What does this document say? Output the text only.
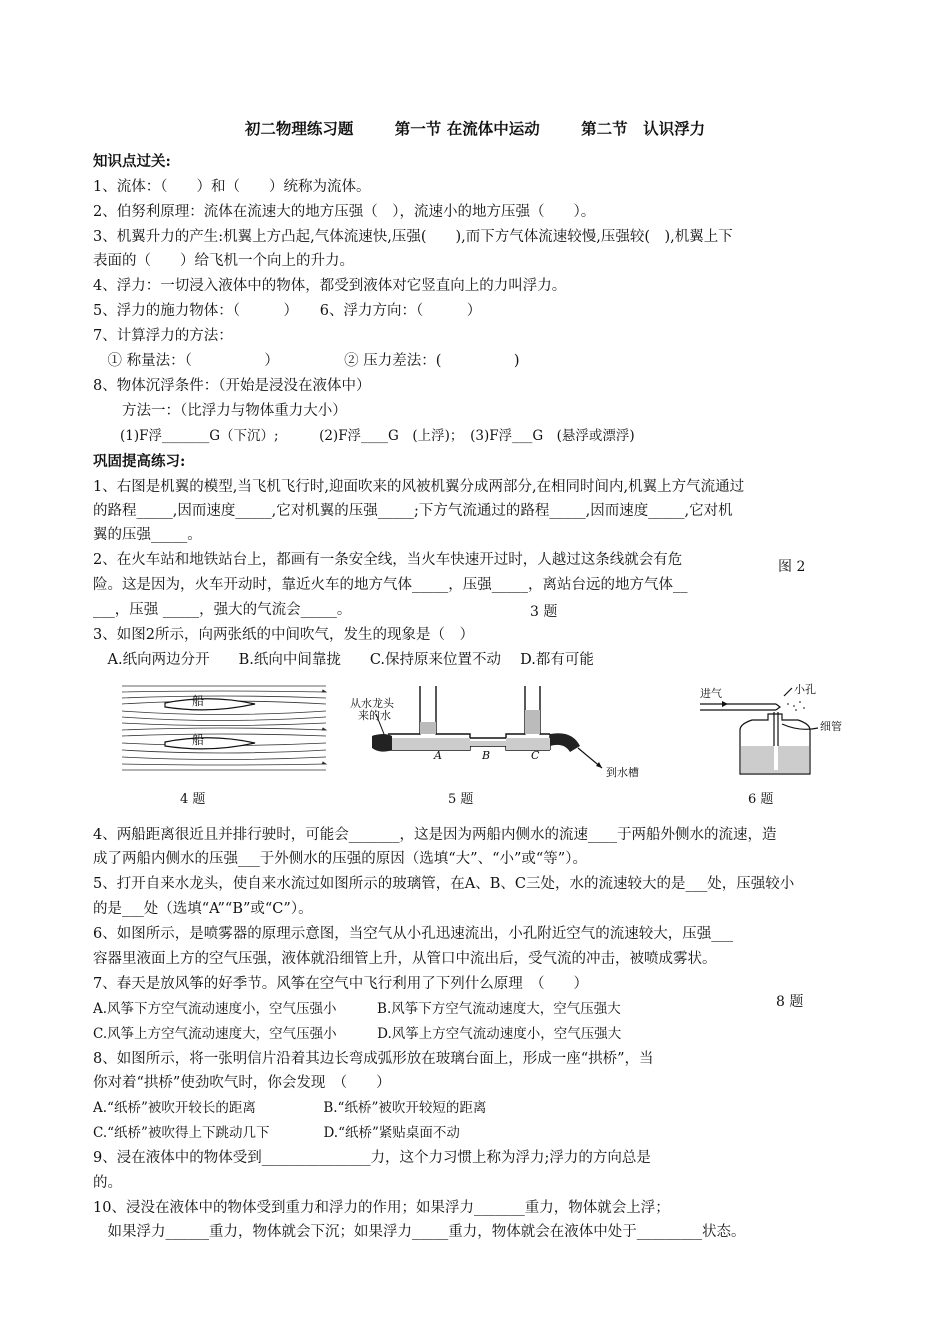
初二物理练习题	第一节 在流体中运动	第二节　认识浮力
知识点过关:
1、流体：（　　）和（　　）统称为流体。
2、伯努利原理：流体在流速大的地方压强（　），流速小的地方压强（　　）。
3、机翼升力的产生:机翼上方凸起,气体流速快,压强(　　),而下方气体流速较慢,压强较(　),机翼上下
表面的（　　）给飞机一个向上的升力。
4、浮力：一切浸入液体中的物体，都受到液体对它竖直向上的力叫浮力。
5、浮力的施力物体：（　　　）　　6、浮力方向：（　　　）
7、计算浮力的方法：
　① 称量法：（　　　　　）　　　　　② 压力差法：(　　　　　)
8、物体沉浮条件：（开始是浸没在液体中）
　　方法一：（比浮力与物体重力大小）
　　(1)F浮_______G（下沉）;　　　(2)F浮____G　(上浮)；　(3)F浮___G　(悬浮或漂浮)
巩固提高练习:
1、右图是机翼的模型,当飞机飞行时,迎面吹来的风被机翼分成两部分,在相同时间内,机翼上方气流通过
的路程_____,因而速度_____,它对机翼的压强_____;下方气流通过的路程_____,因而速度_____,它对机
翼的压强_____。
2、在火车站和地铁站台上，都画有一条安全线，当火车快速开过时，人越过这条线就会有危
险。这是因为，火车开动时，靠近火车的地方气体_____，压强_____，离站台远的地方气体__
___，压强 _____，强大的气流会_____。
3、如图2所示，向两张纸的中间吹气，发生的现象是（　）
　A.纸向两边分开　　B.纸向中间靠拢　　C.保持原来位置不动　 D.都有可能
图 2
3 题
船
船
4 题
从水龙头
来的水
A	B	C
到水槽
5 题
进气	小孔
细管
6 题
4、两船距离很近且并排行驶时，可能会_______，这是因为两船内侧水的流速____于两船外侧水的流速，造
成了两船内侧水的压强___于外侧水的压强的原因（选填“大”、“小”或“等”）。
5、打开自来水龙头，使自来水流过如图所示的玻璃管，在A、B、C三处，水的流速较大的是___处，压强较小
的是___处（选填“A”“B”或“C”）。
6、如图所示，是喷雾器的原理示意图，当空气从小孔迅速流出，小孔附近空气的流速较大，压强___
容器里液面上方的空气压强，液体就沿细管上升，从管口中流出后，受气流的冲击，被喷成雾状。
7、春天是放风筝的好季节。风筝在空气中飞行利用了下列什么原理　（　　）
A.风筝下方空气流动速度小，空气压强小　　　B.风筝下方空气流动速度大，空气压强大
C.风筝上方空气流动速度大，空气压强小　　　D.风筝上方空气流动速度小，空气压强大
8、如图所示，将一张明信片沿着其边长弯成弧形放在玻璃台面上，形成一座“拱桥”，当
你对着“拱桥”使劲吹气时，你会发现　（　　）
A.“纸桥”被吹开较长的距离　　　　　B.“纸桥”被吹开较短的距离
C.“纸桥”被吹得上下跳动几下　　　　D.“纸桥”紧贴桌面不动
9、浸在液体中的物体受到_______________力，这个力习惯上称为浮力;浮力的方向总是
的。
10、浸没在液体中的物体受到重力和浮力的作用；如果浮力_______重力，物体就会上浮；
　如果浮力______重力，物体就会下沉；如果浮力_____重力，物体就会在液体中处于_________状态。
8 题
